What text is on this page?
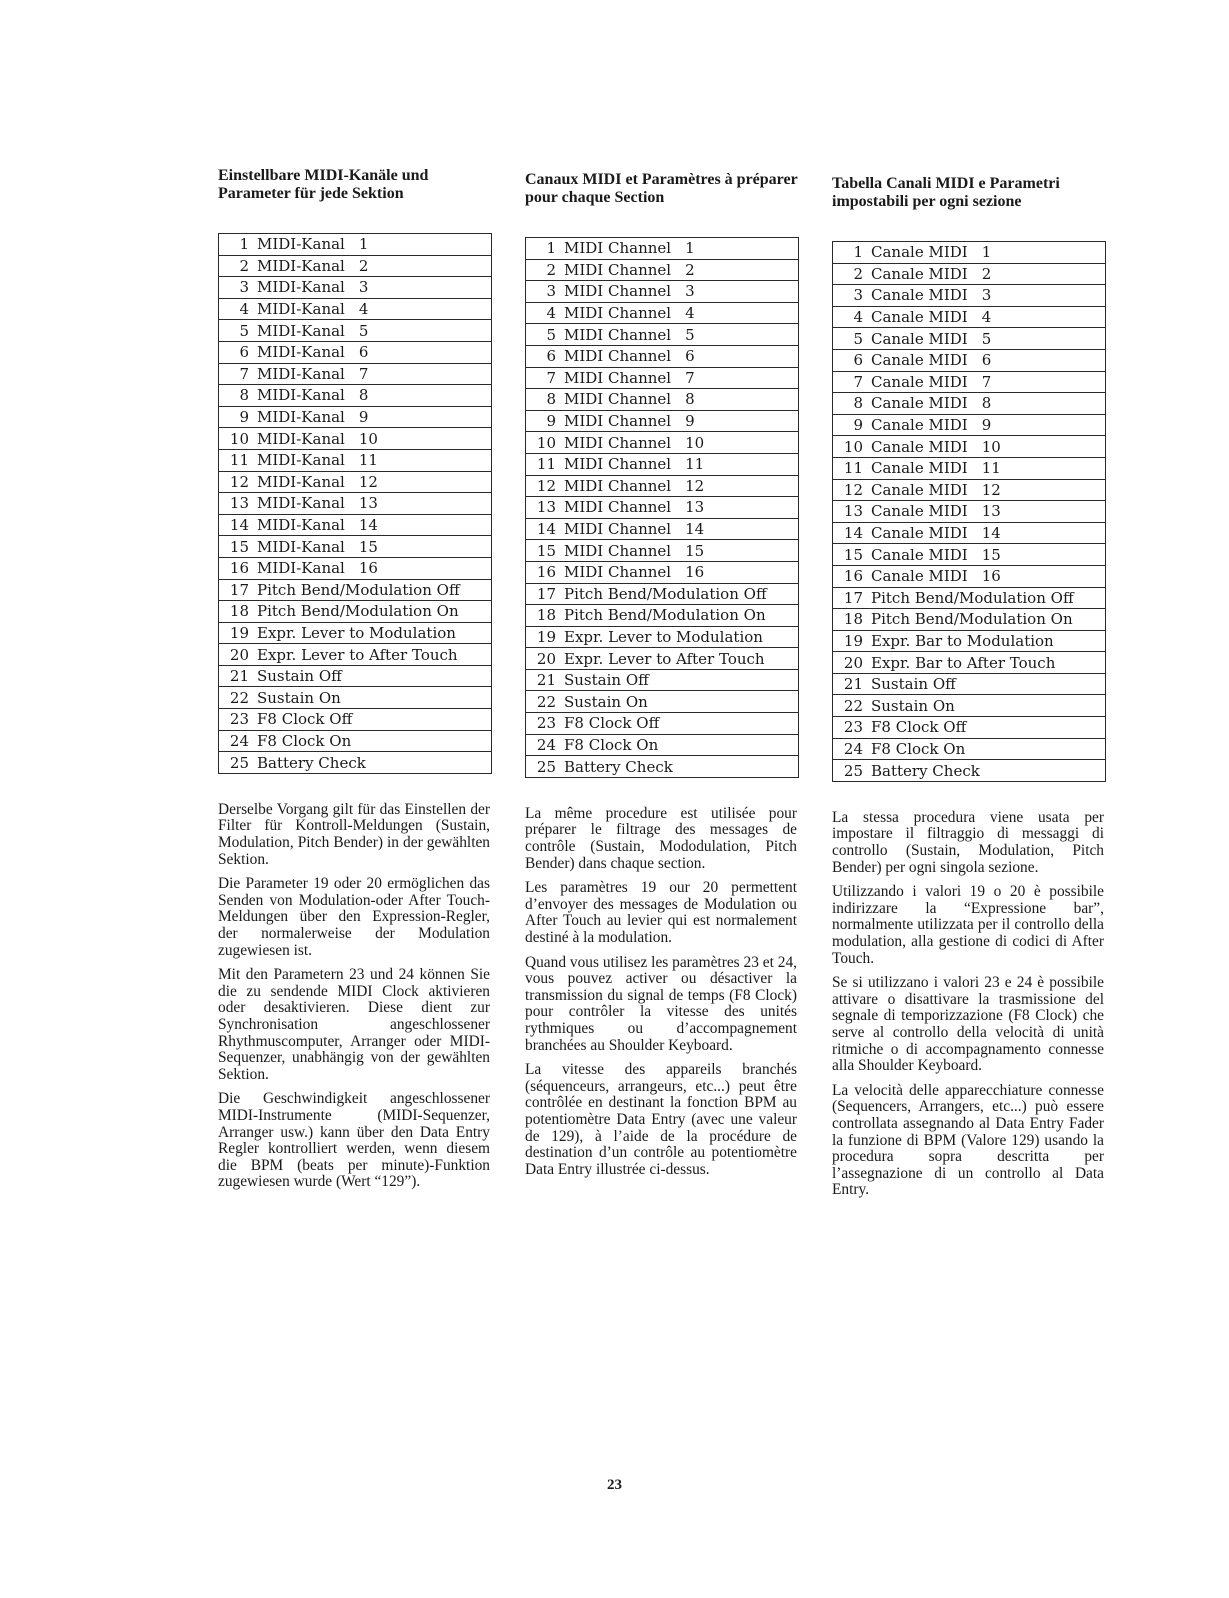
Einstellbare MIDI-Kanäle und Parameter für jede Sektion
1 MIDI-Kanal 1
2 MIDI-Kanal 2
3 MIDI-Kanal 3
4 MIDI-Kanal 4
5 MIDI-Kanal 5
6 MIDI-Kanal 6
7 MIDI-Kanal 7
8 MIDI-Kanal 8
9 MIDI-Kanal 9
10 MIDI-Kanal 10
11 MIDI-Kanal 11
12 MIDI-Kanal 12
13 MIDI-Kanal 13
14 MIDI-Kanal 14
15 MIDI-Kanal 15
16 MIDI-Kanal 16
17 Pitch Bend/Modulation Off
18 Pitch Bend/Modulation On
19 Expr. Lever to Modulation
20 Expr. Lever to After Touch
21 Sustain Off
22 Sustain On
23 F8 Clock Off
24 F8 Clock On
25 Battery Check

Derselbe Vorgang gilt für das Einstellen der Filter für Kontroll-Meldungen (Sustain, Modulation, Pitch Bender) in der gewählten Sektion.

Die Parameter 19 oder 20 ermöglichen das Senden von Modulation-oder After Touch-Meldungen über den Expression-Regler, der normalerweise der Modulation zugewiesen ist.

Mit den Parametern 23 und 24 können Sie die zu sendende MIDI Clock aktivieren oder desaktivieren. Diese dient zur Synchronisation angeschlossener Rhythmuscomputer, Arranger oder MIDI-Sequenzer, unabhängig von der gewählten Sektion.

Die Geschwindigkeit angeschlossener MIDI-Instrumente (MIDI-Sequenzer, Arranger usw.) kann über den Data Entry Regler kontrolliert werden, wenn diesem die BPM (beats per minute)-Funktion zugewiesen wurde (Wert “129”).

Canaux MIDI et Paramètres à préparer pour chaque Section
1 MIDI Channel 1
2 MIDI Channel 2
3 MIDI Channel 3
4 MIDI Channel 4
5 MIDI Channel 5
6 MIDI Channel 6
7 MIDI Channel 7
8 MIDI Channel 8
9 MIDI Channel 9
10 MIDI Channel 10
11 MIDI Channel 11
12 MIDI Channel 12
13 MIDI Channel 13
14 MIDI Channel 14
15 MIDI Channel 15
16 MIDI Channel 16
17 Pitch Bend/Modulation Off
18 Pitch Bend/Modulation On
19 Expr. Lever to Modulation
20 Expr. Lever to After Touch
21 Sustain Off
22 Sustain On
23 F8 Clock Off
24 F8 Clock On
25 Battery Check

La même procedure est utilisée pour préparer le filtrage des messages de contrôle (Sustain, Mododulation, Pitch Bender) dans chaque section.

Les paramètres 19 our 20 permettent d’envoyer des messages de Modulation ou After Touch au levier qui est normalement destiné à la modulation.

Quand vous utilisez les paramètres 23 et 24, vous pouvez activer ou désactiver la transmission du signal de temps (F8 Clock) pour contrôler la vitesse des unités rythmiques ou d’accompagnement branchées au Shoulder Keyboard.

La vitesse des appareils branchés (séquenceurs, arrangeurs, etc...) peut être contrôlée en destinant la fonction BPM au potentiomètre Data Entry (avec une valeur de 129), à l’aide de la procédure de destination d’un contrôle au potentiomètre Data Entry illustrée ci-dessus.

Tabella Canali MIDI e Parametri impostabili per ogni sezione
1 Canale MIDI 1
2 Canale MIDI 2
3 Canale MIDI 3
4 Canale MIDI 4
5 Canale MIDI 5
6 Canale MIDI 6
7 Canale MIDI 7
8 Canale MIDI 8
9 Canale MIDI 9
10 Canale MIDI 10
11 Canale MIDI 11
12 Canale MIDI 12
13 Canale MIDI 13
14 Canale MIDI 14
15 Canale MIDI 15
16 Canale MIDI 16
17 Pitch Bend/Modulation Off
18 Pitch Bend/Modulation On
19 Expr. Bar to Modulation
20 Expr. Bar to After Touch
21 Sustain Off
22 Sustain On
23 F8 Clock Off
24 F8 Clock On
25 Battery Check

La stessa procedura viene usata per impostare il filtraggio di messaggi di controllo (Sustain, Modulation, Pitch Bender) per ogni singola sezione.

Utilizzando i valori 19 o 20 è possibile indirizzare la “Expressione bar”, normalmente utilizzata per il controllo della modulation, alla gestione di codici di After Touch.

Se si utilizzano i valori 23 e 24 è possibile attivare o disattivare la trasmissione del segnale di temporizzazione (F8 Clock) che serve al controllo della velocità di unità ritmiche o di accompagnamento connesse alla Shoulder Keyboard.

La velocità delle apparecchiature connesse (Sequencers, Arrangers, etc...) può essere controllata assegnando al Data Entry Fader la funzione di BPM (Valore 129) usando la procedura sopra descritta per l’assegnazione di un controllo al Data Entry.

23
